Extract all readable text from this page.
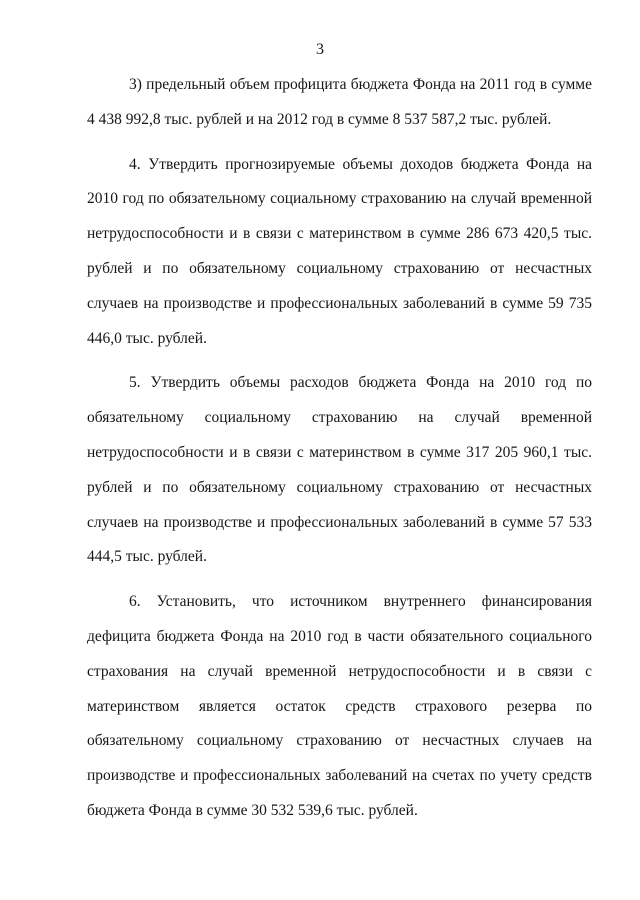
3

3) предельный объем профицита бюджета Фонда на 2011 год в сумме 4 438 992,8 тыс. рублей и на 2012 год в сумме 8 537 587,2 тыс. рублей.

4. Утвердить прогнозируемые объемы доходов бюджета Фонда на 2010 год по обязательному социальному страхованию на случай временной нетрудоспособности и в связи с материнством в сумме 286 673 420,5 тыс. рублей и по обязательному социальному страхованию от несчастных случаев на производстве и профессиональных заболеваний в сумме 59 735 446,0 тыс. рублей.

5. Утвердить объемы расходов бюджета Фонда на 2010 год по обязательному социальному страхованию на случай временной нетрудоспособности и в связи с материнством в сумме 317 205 960,1 тыс. рублей и по обязательному социальному страхованию от несчастных случаев на производстве и профессиональных заболеваний в сумме 57 533 444,5 тыс. рублей.

6. Установить, что источником внутреннего финансирования дефицита бюджета Фонда на 2010 год в части обязательного социального страхования на случай временной нетрудоспособности и в связи с материнством является остаток средств страхового резерва по обязательному социальному страхованию от несчастных случаев на производстве и профессиональных заболеваний на счетах по учету средств бюджета Фонда в сумме 30 532 539,6 тыс. рублей.
